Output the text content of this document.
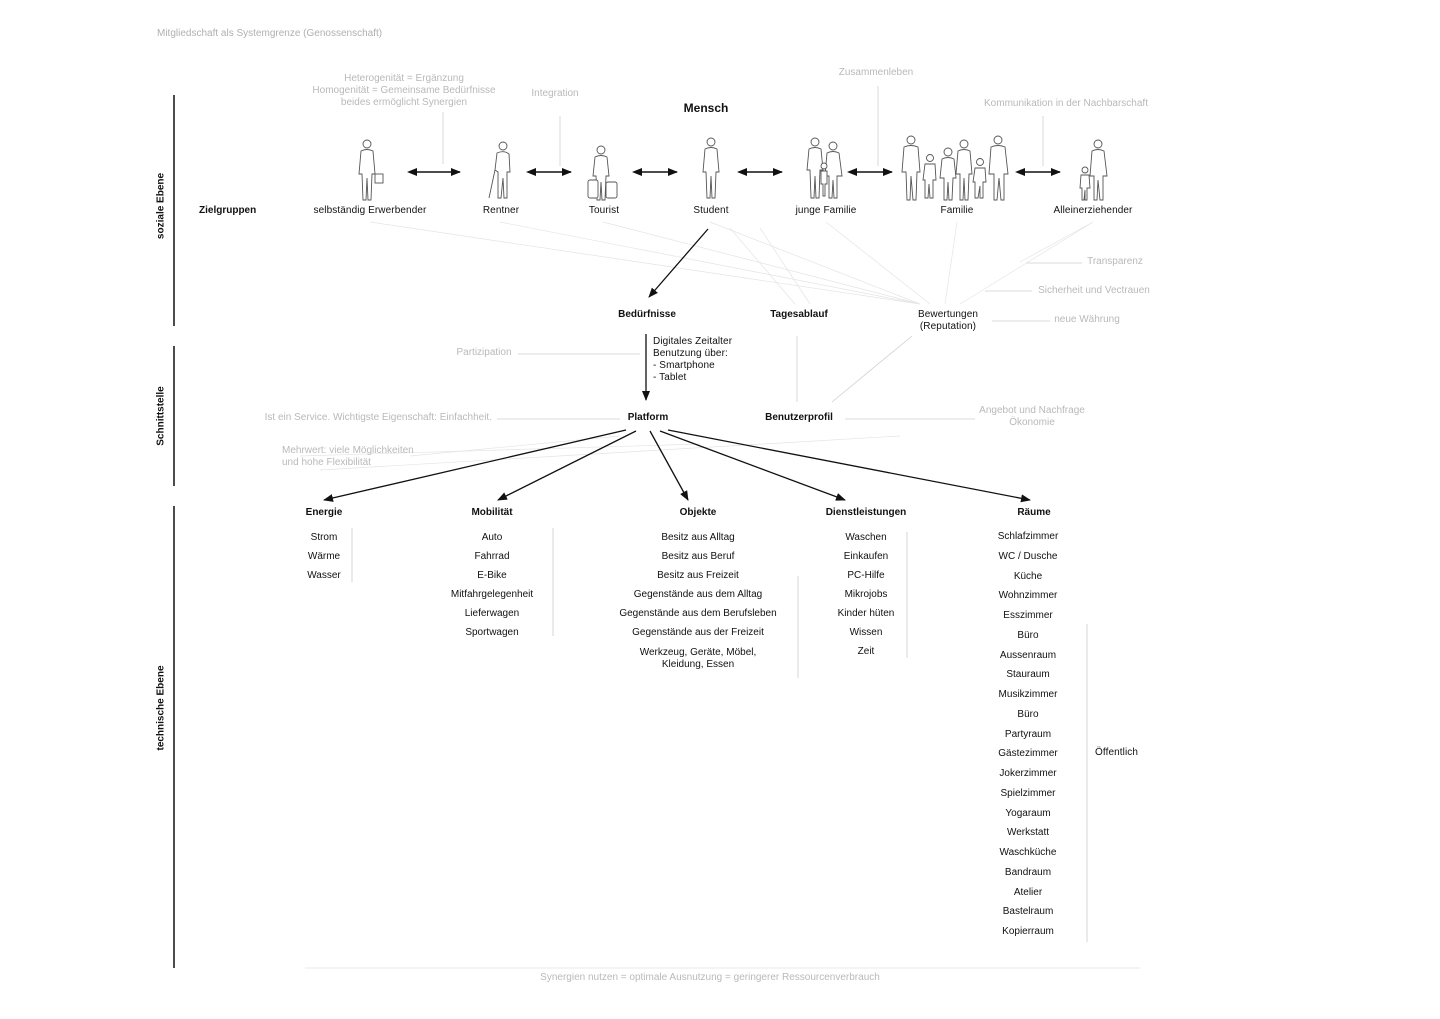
Mitgliedschaft als Systemgrenze (Genossenschaft)
soziale Ebene
Schnittstelle
technische Ebene
Zielgruppen
Mensch
Heterogenität = Ergänzung
Homogenität = Gemeinsame Bedürfnisse
beides ermöglicht Synergien
Integration
Zusammenleben
Kommunikation in der Nachbarschaft
selbständig Erwerbender	Rentner	Tourist	Student	junge Familie	Familie	Alleinerziehender
Transparenz
Sicherheit und Vectrauen
neue Währung
Bedürfnisse	Tagesablauf	Bewertungen
(Reputation)
Digitales Zeitalter
Benutzung über:
- Smartphone
- Tablet
Partizipation
Platform	Benutzerprofil
Ist ein Service. Wichtigste Eigenschaft: Einfachheit.
Angebot und Nachfrage
Ökonomie
Mehrwert: viele Möglichkeiten
und hohe Flexibilität
Energie	Mobilität	Objekte	Dienstleistungen	Räume
Strom
Wärme
Wasser
Auto
Fahrrad
E-Bike
Mitfahrgelegenheit
Lieferwagen
Sportwagen
Besitz aus Alltag
Besitz aus Beruf
Besitz aus Freizeit
Gegenstände aus dem Alltag
Gegenstände aus dem Berufsleben
Gegenstände aus der Freizeit
Werkzeug, Geräte, Möbel,
Kleidung, Essen
Waschen
Einkaufen
PC-Hilfe
Mikrojobs
Kinder hüten
Wissen
Zeit
Schlafzimmer
WC / Dusche
Küche
Wohnzimmer
Esszimmer
Büro
Aussenraum
Stauraum
Musikzimmer
Büro
Partyraum
Gästezimmer
Jokerzimmer
Spielzimmer
Yogaraum
Werkstatt
Waschküche
Bandraum
Atelier
Bastelraum
Kopierraum
Öffentlich
Synergien nutzen = optimale Ausnutzung = geringerer Ressourcenverbrauch
